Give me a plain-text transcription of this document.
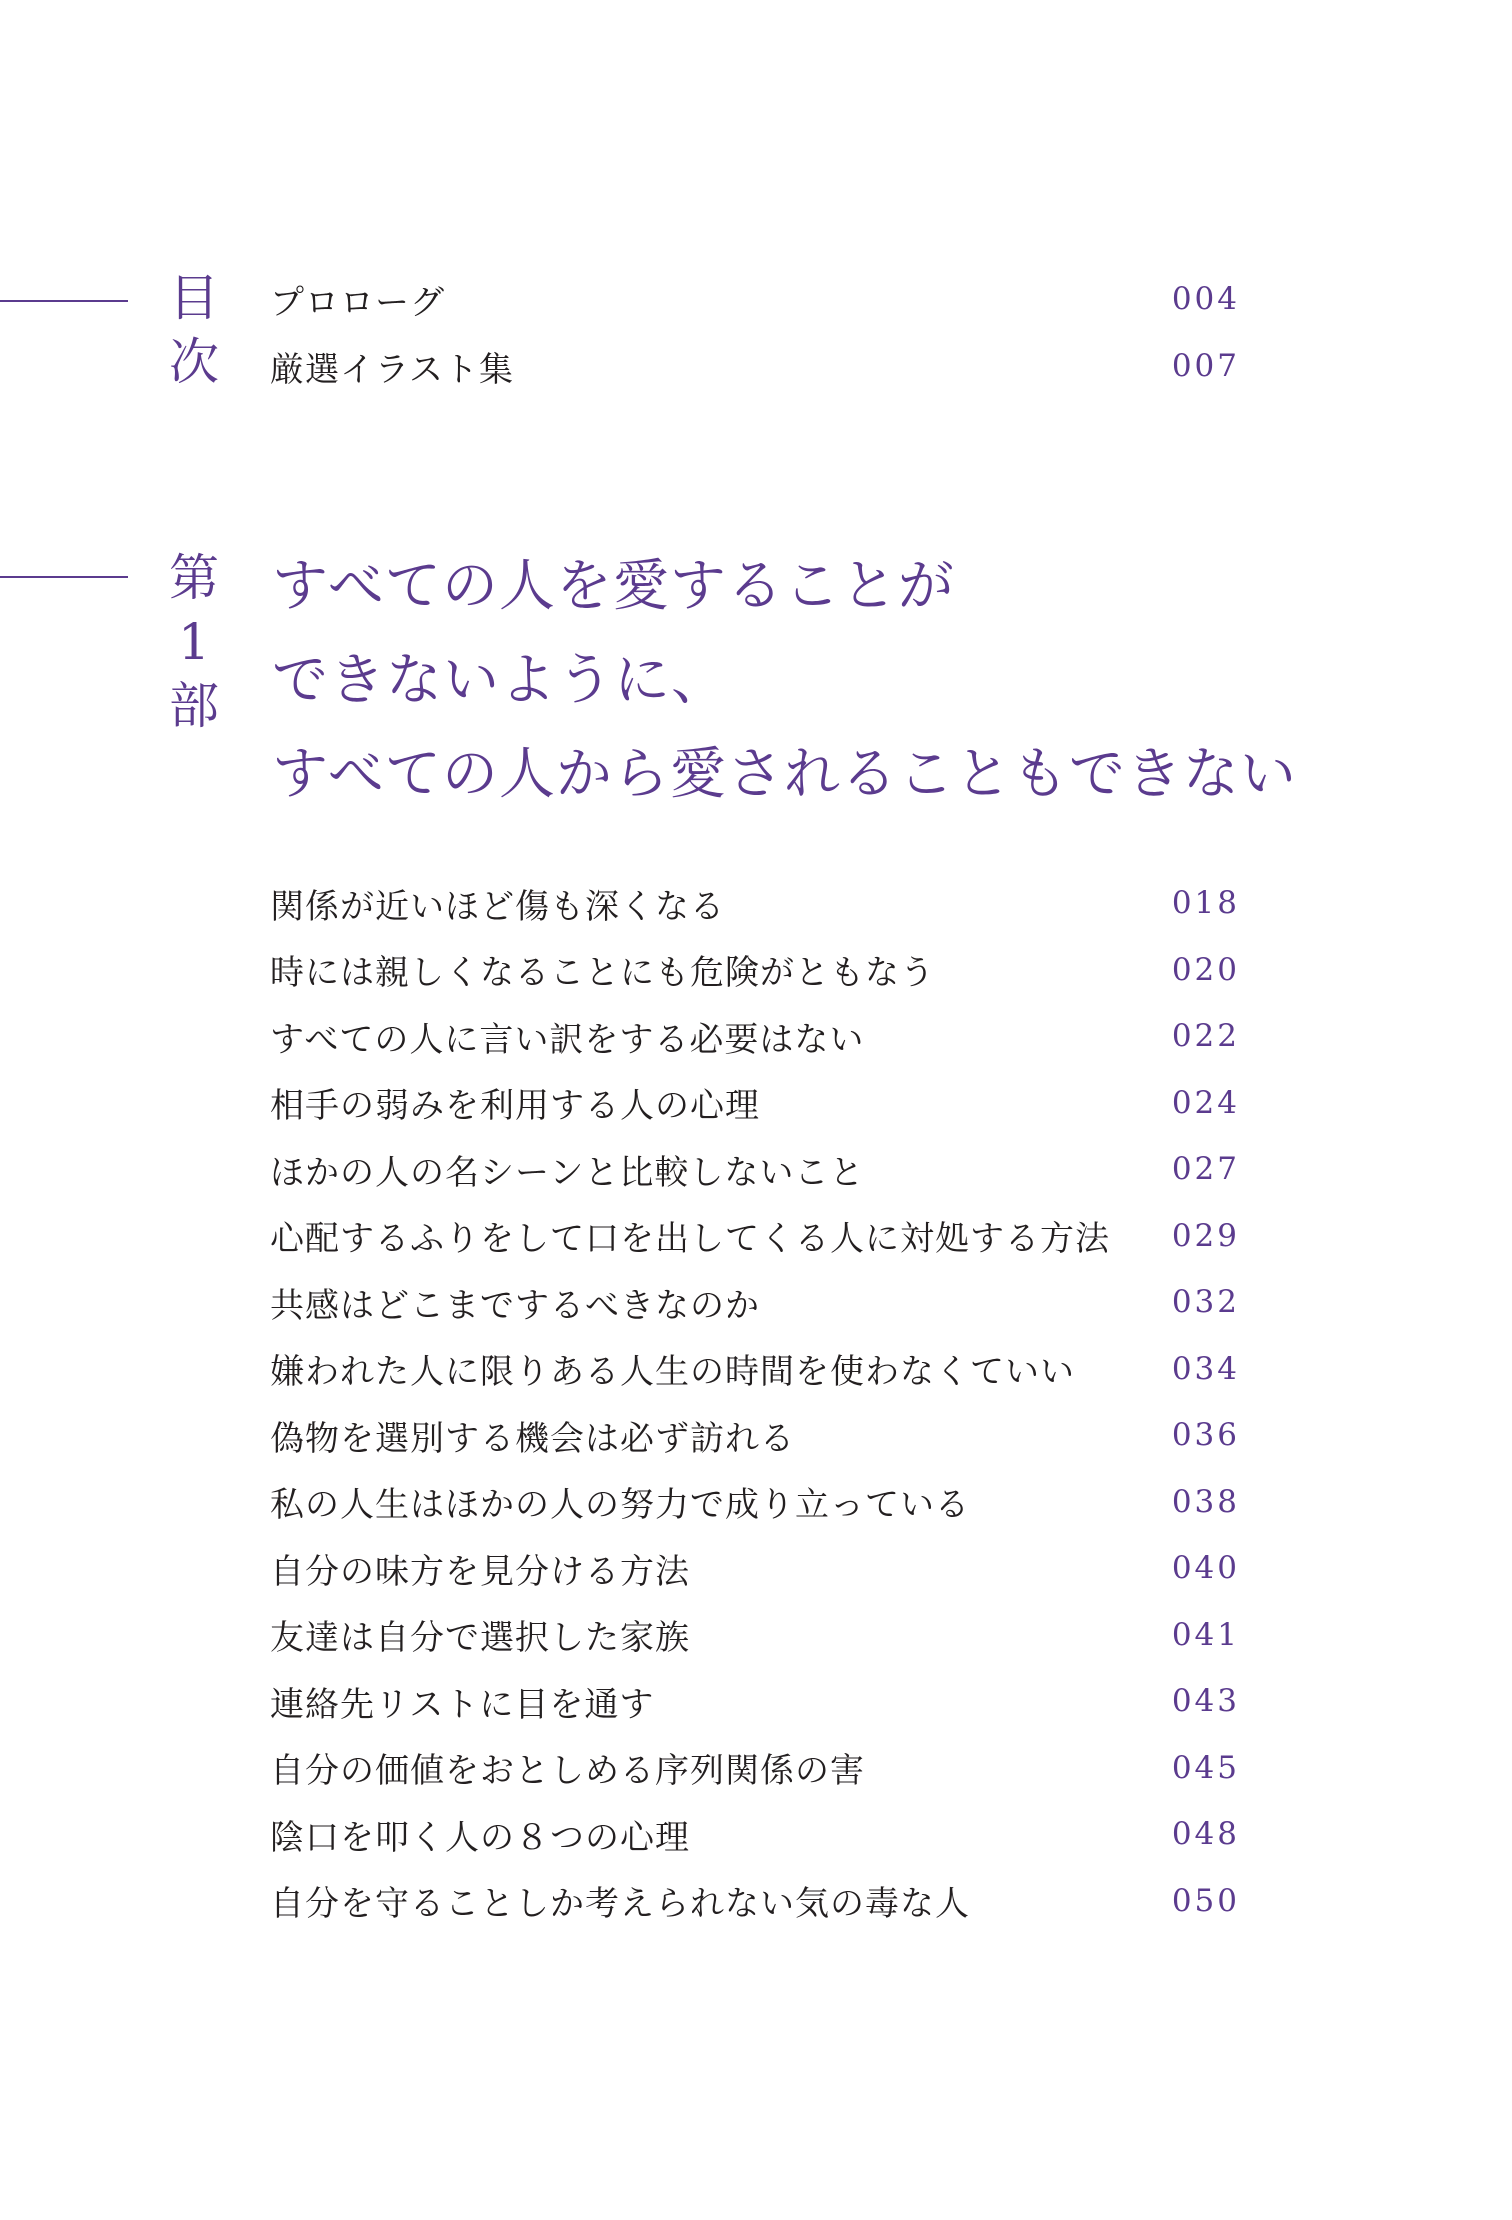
目
次
プロローグ	004
厳選イラスト集	007
第
1
部
すべての人を愛することが
できないように、
すべての人から愛されることもできない
関係が近いほど傷も深くなる	018
時には親しくなることにも危険がともなう	020
すべての人に言い訳をする必要はない	022
相手の弱みを利用する人の心理	024
ほかの人の名シーンと比較しないこと	027
心配するふりをして口を出してくる人に対処する方法 029
共感はどこまでするべきなのか	032
嫌われた人に限りある人生の時間を使わなくていい	034
偽物を選別する機会は必ず訪れる	036
私の人生はほかの人の努力で成り立っている	038
自分の味方を見分ける方法	040
友達は自分で選択した家族	041
連絡先リストに目を通す	043
自分の価値をおとしめる序列関係の害	045
陰口を叩く人の８つの心理	048
自分を守ることしか考えられない気の毒な人	050
